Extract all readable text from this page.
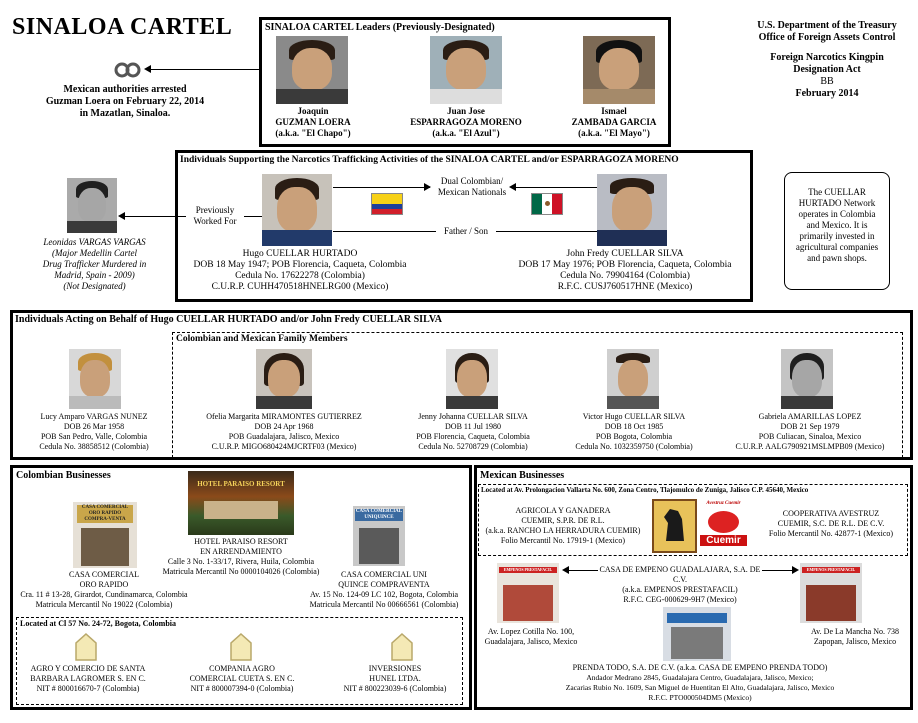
SINALOA CARTEL	U.S. Department of the Treasury
Office of Foreign Assets Control
Foreign Narcotics Kingpin
Designation Act
BB
February 2014
Mexican authorities arrested
Guzman Loera on February 22, 2014
in Mazatlan, Sinaloa.
SINALOA CARTEL Leaders (Previously-Designated)
Joaquin
GUZMAN LOERA
(a.k.a. "El Chapo")
Juan Jose
ESPARRAGOZA MORENO
(a.k.a. "El Azul")
Ismael
ZAMBADA GARCIA
(a.k.a. "El Mayo")
Individuals Supporting the Narcotics Trafficking Activities of the SINALOA CARTEL and/or ESPARRAGOZA MORENO
Dual Colombian/
Mexican Nationals
Father / Son
Hugo CUELLAR HURTADO
DOB 18 May 1947; POB Florencia, Caqueta, Colombia
Cedula No. 17622278 (Colombia)
C.U.R.P. CUHH470518HNELRG00 (Mexico)
John Fredy CUELLAR SILVA
DOB 17 May 1976; POB Florencia, Caqueta, Colombia
Cedula No. 79904164 (Colombia)
R.F.C. CUSJ760517HNE (Mexico)
Previously
Worked For
Leonidas VARGAS VARGAS
(Major Medellin Cartel
Drug Trafficker Murdered in
Madrid, Spain - 2009)
(Not Designated)
The CUELLAR HURTADO Network operates in Colombia and Mexico. It is primarily invested in agricultural companies and pawn shops.
Individuals Acting on Behalf of Hugo CUELLAR HURTADO and/or John Fredy CUELLAR SILVA
Colombian and Mexican Family Members
Lucy Amparo VARGAS NUNEZ
DOB 26 Mar 1958
POB San Pedro, Valle, Colombia
Cedula No. 38858512 (Colombia)
Ofelia Margarita MIRAMONTES GUTIERREZ
DOB 24 Apr 1968
POB Guadalajara, Jalisco, Mexico
C.U.R.P. MIGO680424MJCRTF03 (Mexico)
Jenny Johanna CUELLAR SILVA
DOB 11 Jul 1980
POB Florencia, Caqueta, Colombia
Cedula No. 52708729 (Colombia)
Victor Hugo CUELLAR SILVA
DOB 18 Oct 1985
POB Bogota, Colombia
Cedula No. 1032359750 (Colombia)
Gabriela AMARILLAS LOPEZ
DOB 21 Sep 1979
POB Culiacan, Sinaloa, Mexico
C.U.R.P. AALG790921MSLMPB09 (Mexico)
Colombian Businesses
CASA COMERCIAL
ORO RAPIDO
COMPRA-VENTA
CASA COMERCIAL
ORO RAPIDO
Cra. 11 # 13-28, Girardot, Cundinamarca, Colombia
Matricula Mercantil No 19022 (Colombia)
HOTEL PARAISO RESORT
HOTEL PARAISO RESORT
EN ARRENDAMIENTO
Calle 3 No. 1-33/17, Rivera, Huila, Colombia
Matricula Mercantil No 0000104026 (Colombia)
CASA COMERCIAL
UNIQUINCE
CASA COMERCIAL UNI
QUINCE COMPRAVENTA
Av. 15 No. 124-09 LC 102, Bogota, Colombia
Matricula Mercantil No 00666561 (Colombia)
Located at Cl 57 No. 24-72, Bogota, Colombia
AGRO Y COMERCIO DE SANTA
BARBARA LAGROMER S. EN C.
NIT # 800016670-7 (Colombia)
COMPANIA AGRO
COMERCIAL CUETA S. EN C.
NIT # 800007394-0 (Colombia)
INVERSIONES
HUNEL LTDA.
NIT # 800223039-6 (Colombia)
Mexican Businesses
Located at Av. Prolongacion Vallarta No. 600, Zona Centro, Tlajomulco de Zuniga, Jalisco C.P. 45640, Mexico
AGRICOLA Y GANADERA
CUEMIR, S.P.R. DE R.L.
(a.k.a. RANCHO LA HERRADURA CUEMIR)
Folio Mercantil No. 17919-1 (Mexico)
Avestruz Cuemir
Cuemir
COOPERATIVA AVESTRUZ
CUEMIR, S.C. DE R.L. DE C.V.
Folio Mercantil No. 42877-1 (Mexico)
EMPENOS PRESTAFACIL	EMPENOS PRESTAFACIL
CASA DE EMPENO GUADALAJARA, S.A. DE C.V.
(a.k.a. EMPENOS PRESTAFACIL)
R.F.C. CEG-000629-9H7 (Mexico)
Av. Lopez Cotilla No. 100,
Guadalajara, Jalisco, Mexico
Av. De La Mancha No. 738
Zapopan, Jalisco, Mexico
PRENDA TODO, S.A. DE C.V. (a.k.a. CASA DE EMPENO PRENDA TODO)
Andador Medrano 2845, Guadalajara Centro, Guadalajara, Jalisco, Mexico;
Zacarias Rubio No. 1609, San Miguel de Huentitan El Alto, Guadalajara, Jalisco, Mexico
R.F.C. PTO000504DM5 (Mexico)
